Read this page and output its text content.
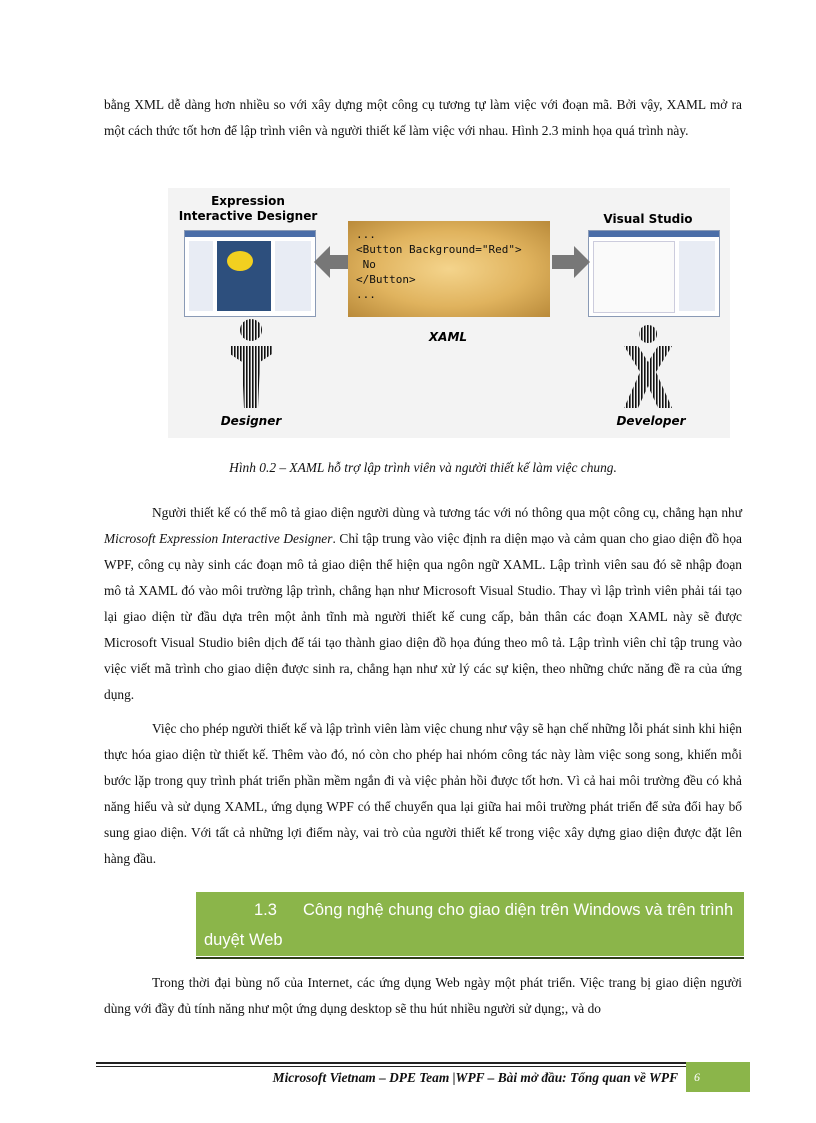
bằng XML dễ dàng hơn nhiều so với xây dựng một công cụ tương tự làm việc với đoạn mã. Bởi vậy, XAML mở ra một cách thức tốt hơn để lập trình viên và người thiết kế làm việc với nhau. Hình 2.3 minh họa quá trình này.

Expression
Interactive Designer	Visual Studio
...
<Button Background="Red">
No
</Button>
...
XAML
Designer	Developer
Hình 0.2 – XAML hỗ trợ lập trình viên và người thiết kế làm việc chung.

Người thiết kế có thể mô tả giao diện người dùng và tương tác với nó thông qua một công cụ, chẳng hạn như Microsoft Expression Interactive Designer. Chỉ tập trung vào việc định ra diện mạo và cảm quan cho giao diện đồ họa WPF, công cụ này sinh các đoạn mô tả giao diện thể hiện qua ngôn ngữ XAML. Lập trình viên sau đó sẽ nhập đoạn mô tả XAML đó vào môi trường lập trình, chẳng hạn như Microsoft Visual Studio. Thay vì lập trình viên phải tái tạo lại giao diện từ đầu dựa trên một ảnh tĩnh mà người thiết kế cung cấp, bản thân các đoạn XAML này sẽ được Microsoft Visual Studio biên dịch để tái tạo thành giao diện đồ họa đúng theo mô tả. Lập trình viên chỉ tập trung vào việc viết mã trình cho giao diện được sinh ra, chẳng hạn như xử lý các sự kiện, theo những chức năng đề ra của ứng dụng.

Việc cho phép người thiết kế và lập trình viên làm việc chung như vậy sẽ hạn chế những lỗi phát sinh khi hiện thực hóa giao diện từ thiết kế. Thêm vào đó, nó còn cho phép hai nhóm công tác này làm việc song song, khiến mỗi bước lặp trong quy trình phát triển phần mềm ngắn đi và việc phản hồi được tốt hơn. Vì cả hai môi trường đều có khả năng hiểu và sử dụng XAML, ứng dụng WPF có thể chuyển qua lại giữa hai môi trường phát triển để sửa đổi hay bổ sung giao diện. Với tất cả những lợi điểm này, vai trò của người thiết kế trong việc xây dựng giao diện được đặt lên hàng đầu.

1.3 Công nghệ chung cho giao diện trên Windows và trên trình duyệt Web

Trong thời đại bùng nổ của Internet, các ứng dụng Web ngày một phát triển. Việc trang bị giao diện người dùng với đầy đủ tính năng như một ứng dụng desktop sẽ thu hút nhiều người sử dụng;, và do

Microsoft Vietnam – DPE Team |WPF – Bài mở đầu: Tổng quan về WPF	6
